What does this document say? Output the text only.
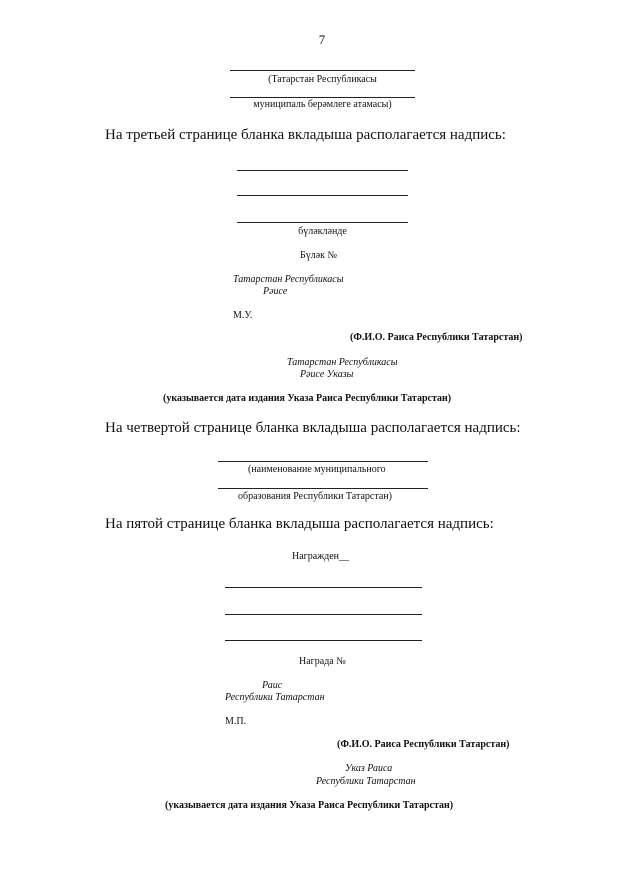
7
(Татарстан Республикасы
муниципаль берәмлеге атамасы)
На третьей странице бланка вкладыша располагается надпись:
бүләкләнде
Бүләк №
Татарстан Республикасы
Рәисе
М.У.
(Ф.И.О. Раиса Республики Татарстан)
Татарстан Республикасы
Рәисе Указы
(указывается дата издания Указа Раиса Республики Татарстан)
На четвертой странице бланка вкладыша располагается надпись:
(наименование муниципального
образования Республики Татарстан)
На пятой странице бланка вкладыша располагается надпись:
Награжден__
Награда №
Раис
Республики Татарстан
М.П.
(Ф.И.О. Раиса Республики Татарстан)
Указ Раиса
Республики Татарстан
(указывается дата издания Указа Раиса Республики Татарстан)
